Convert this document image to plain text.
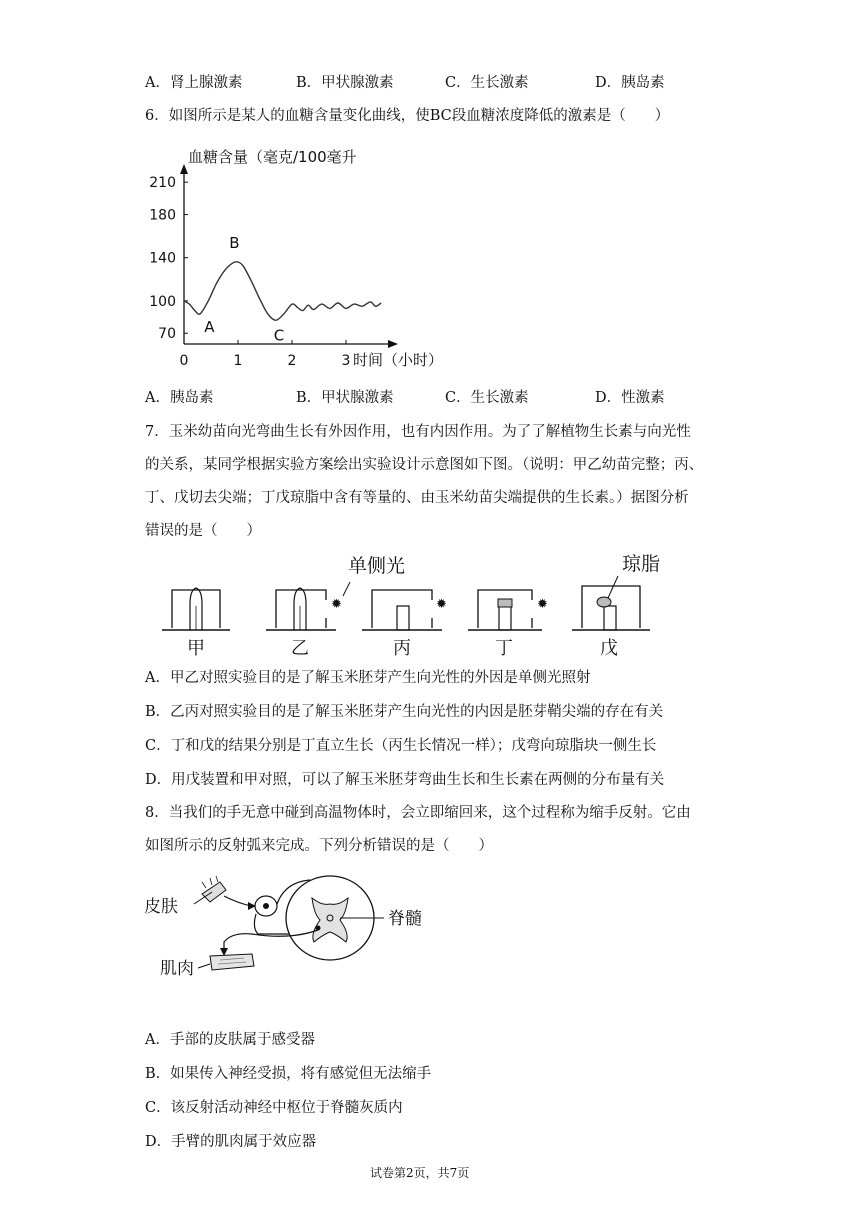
A．肾上腺激素	B．甲状腺激素	C．生长激素	D．胰岛素
6．如图所示是某人的血糖含量变化曲线，使BC段血糖浓度降低的激素是（　　）
血糖含量（毫克/100毫升
70
100
140
180
210
0	1	2	3
A
B
C
时间（小时）
A．胰岛素	B．甲状腺激素	C．生长激素	D．性激素
7．玉米幼苗向光弯曲生长有外因作用，也有内因作用。为了了解植物生长素与向光性
的关系，某同学根据实验方案绘出实验设计示意图如下图。（说明：甲乙幼苗完整；丙、
丁、戊切去尖端；丁戊琼脂中含有等量的、由玉米幼苗尖端提供的生长素。）据图分析
错误的是（　　）
甲
✹
单侧光
乙
✹
丙
✹
丁
琼脂
戊
A．甲乙对照实验目的是了解玉米胚芽产生向光性的外因是单侧光照射
B．乙丙对照实验目的是了解玉米胚芽产生向光性的内因是胚芽鞘尖端的存在有关
C．丁和戊的结果分别是丁直立生长（丙生长情况一样）；戊弯向琼脂块一侧生长
D．用戊装置和甲对照，可以了解玉米胚芽弯曲生长和生长素在两侧的分布量有关
8．当我们的手无意中碰到高温物体时，会立即缩回来，这个过程称为缩手反射。它由
如图所示的反射弧来完成。下列分析错误的是（　　）
皮肤
脊髓
肌肉
A．手部的皮肤属于感受器
B．如果传入神经受损，将有感觉但无法缩手
C．该反射活动神经中枢位于脊髓灰质内
D．手臂的肌肉属于效应器
试卷第2页，共7页
